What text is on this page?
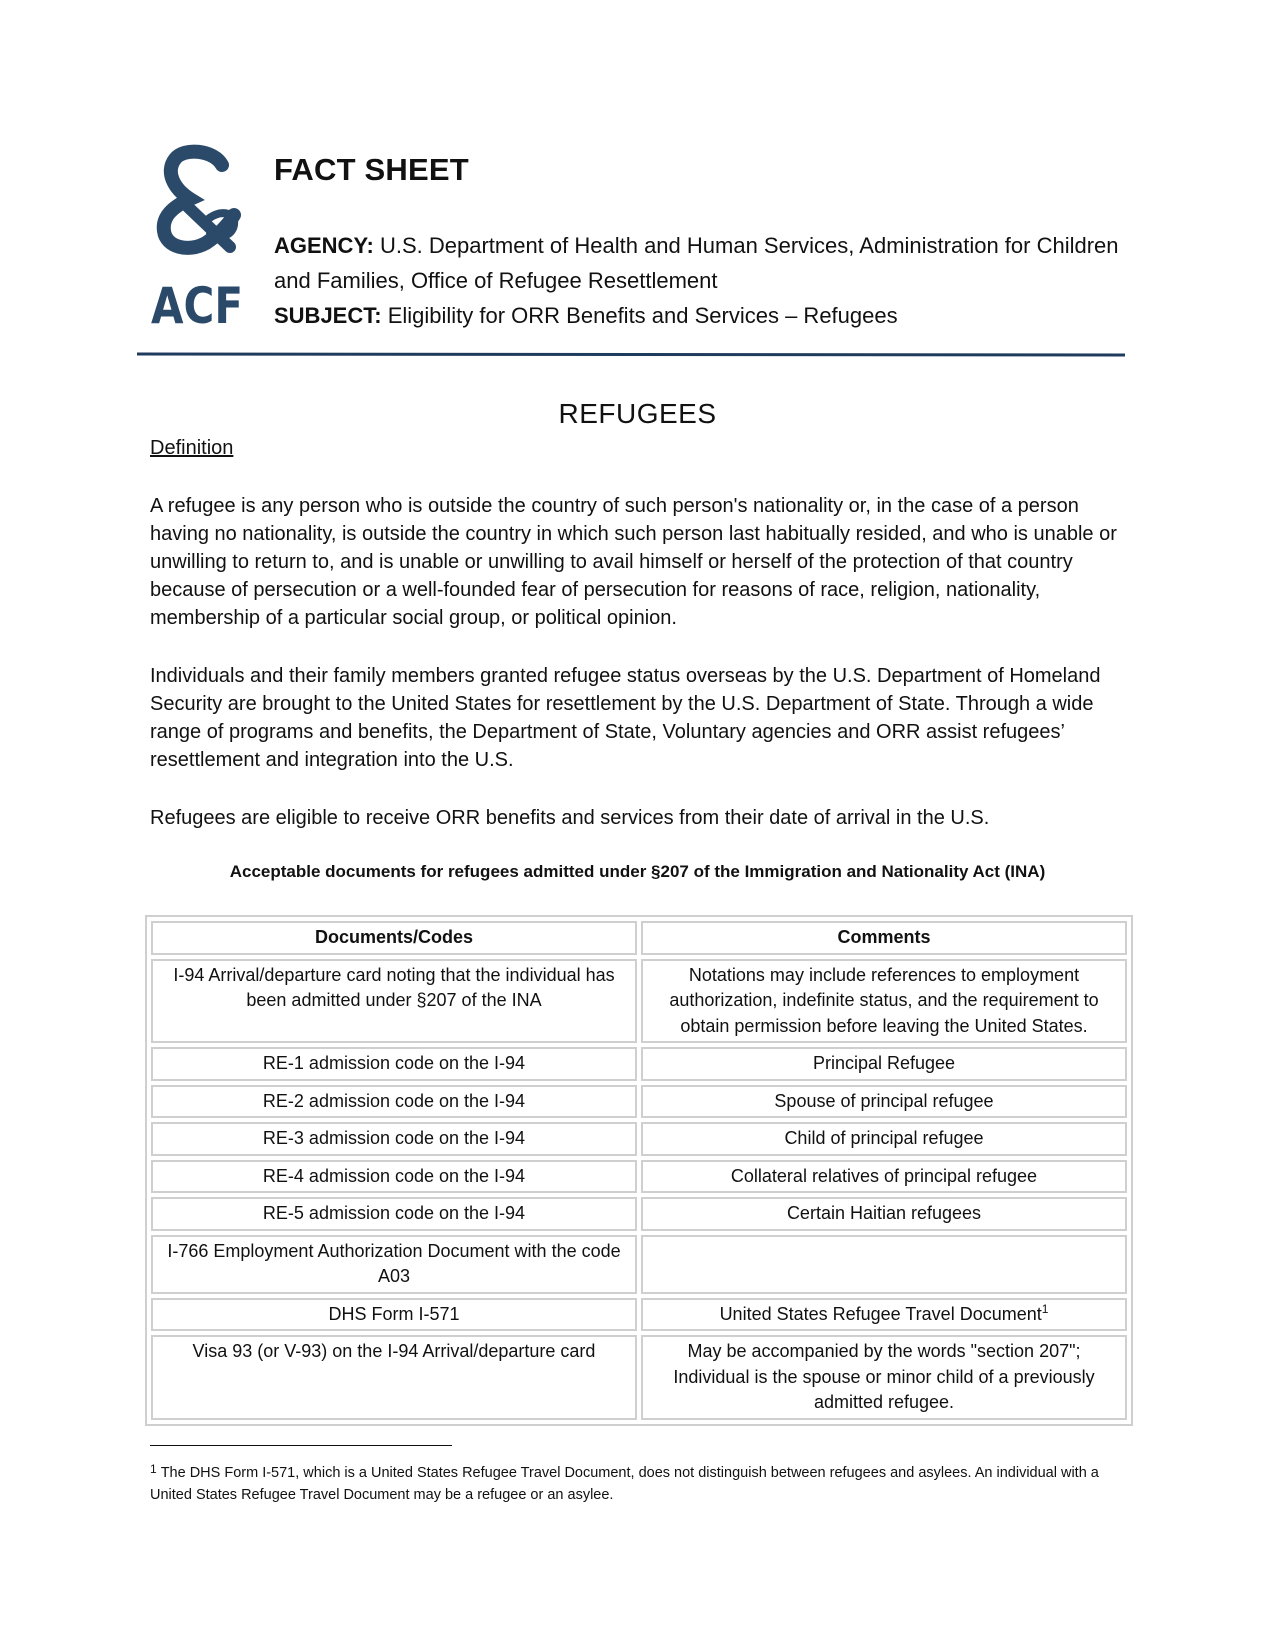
ACF
FACT SHEET
AGENCY: U.S. Department of Health and Human Services, Administration for Children and Families, Office of Refugee Resettlement
SUBJECT: Eligibility for ORR Benefits and Services – Refugees
REFUGEES
Definition
A refugee is any person who is outside the country of such person's nationality or, in the case of a person having no nationality, is outside the country in which such person last habitually resided, and who is unable or unwilling to return to, and is unable or unwilling to avail himself or herself of the protection of that country because of persecution or a well-founded fear of persecution for reasons of race, religion, nationality, membership of a particular social group, or political opinion.
Individuals and their family members granted refugee status overseas by the U.S. Department of Homeland Security are brought to the United States for resettlement by the U.S. Department of State. Through a wide range of programs and benefits, the Department of State, Voluntary agencies and ORR assist refugees’ resettlement and integration into the U.S.
Refugees are eligible to receive ORR benefits and services from their date of arrival in the U.S.
Acceptable documents for refugees admitted under §207 of the Immigration and Nationality Act (INA)
Documents/Codes	Comments
I-94 Arrival/departure card noting that the individual has been admitted under §207 of the INA	Notations may include references to employment authorization, indefinite status, and the requirement to obtain permission before leaving the United States.
RE-1 admission code on the I-94	Principal Refugee
RE-2 admission code on the I-94	Spouse of principal refugee
RE-3 admission code on the I-94	Child of principal refugee
RE-4 admission code on the I-94	Collateral relatives of principal refugee
RE-5 admission code on the I-94	Certain Haitian refugees
I-766 Employment Authorization Document with the code A03	
DHS Form I-571	United States Refugee Travel Document$^1$
Visa 93 (or V-93) on the I-94 Arrival/departure card	May be accompanied by the words "section 207"; Individual is the spouse or minor child of a previously admitted refugee.
$^1$ The DHS Form I-571, which is a United States Refugee Travel Document, does not distinguish between refugees and asylees. An individual with a United States Refugee Travel Document may be a refugee or an asylee.
